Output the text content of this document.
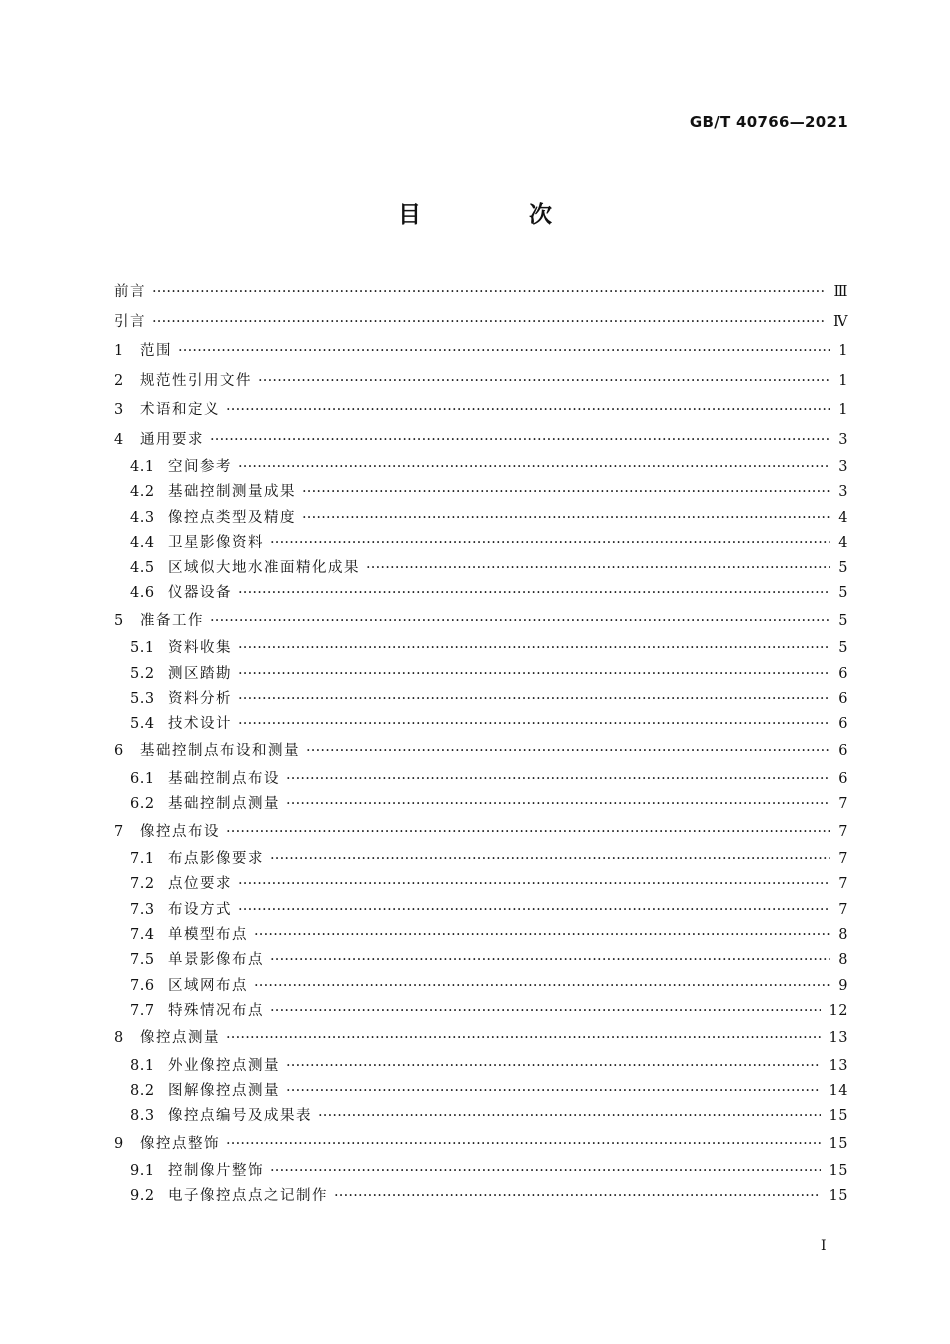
GB/T 40766—2021
目 次
前言 ·····	Ⅲ
引言 ·····	Ⅳ
1	范围 ·····	1
2	规范性引用文件 ·····	1
3	术语和定义 ·····	1
4	通用要求 ·····	3
4.1 空间参考 ·····	3
4.2 基础控制测量成果 ·····	3
4.3 像控点类型及精度 ·····	4
4.4 卫星影像资料 ·····	4
4.5 区域似大地水准面精化成果 ·····	5
4.6 仪器设备 ·····	5
5	准备工作 ·····	5
5.1 资料收集 ·····	5
5.2 测区踏勘 ·····	6
5.3 资料分析 ·····	6
5.4 技术设计 ·····	6
6	基础控制点布设和测量 ·····	6
6.1 基础控制点布设 ·····	6
6.2 基础控制点测量 ·····	7
7	像控点布设 ·····	7
7.1 布点影像要求 ·····	7
7.2 点位要求 ·····	7
7.3 布设方式 ·····	7
7.4 单模型布点 ·····	8
7.5 单景影像布点 ·····	8
7.6 区域网布点 ·····	9
7.7 特殊情况布点 ·····	12
8	像控点测量 ·····	13
8.1 外业像控点测量 ·····	13
8.2 图解像控点测量 ·····	14
8.3 像控点编号及成果表 ·····	15
9	像控点整饰 ·····	15
9.1 控制像片整饰 ·····	15
9.2 电子像控点点之记制作 ·····	15
I
